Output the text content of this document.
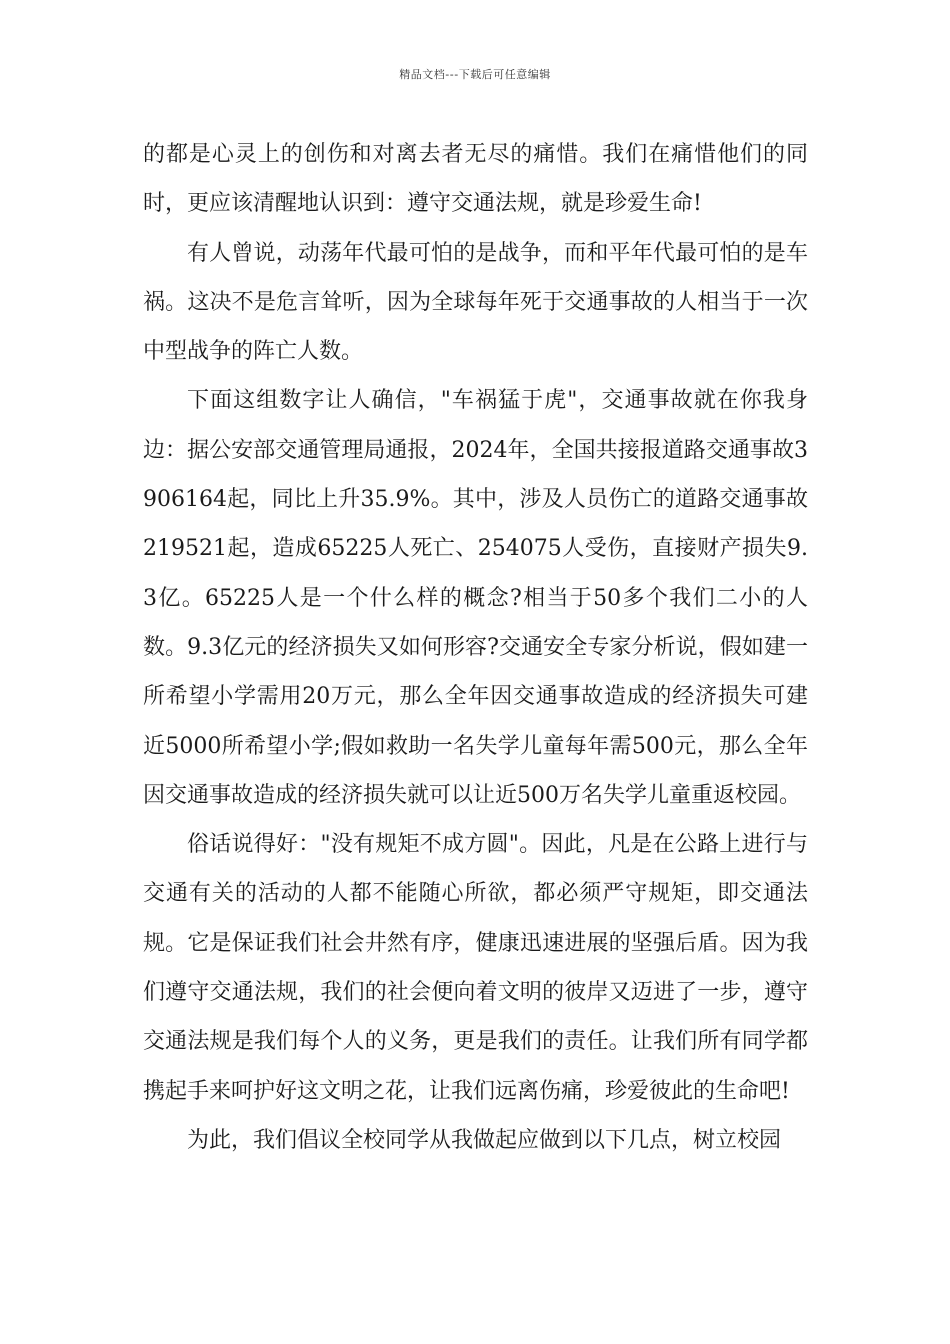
精品文档---下载后可任意编辑

的都是心灵上的创伤和对离去者无尽的痛惜。我们在痛惜他们的同时，更应该清醒地认识到：遵守交通法规，就是珍爱生命!

有人曾说，动荡年代最可怕的是战争，而和平年代最可怕的是车祸。这决不是危言耸听，因为全球每年死于交通事故的人相当于一次中型战争的阵亡人数。

下面这组数字让人确信，"车祸猛于虎"，交通事故就在你我身边：据公安部交通管理局通报，2024年，全国共接报道路交通事故3906164起，同比上升35.9%。其中，涉及人员伤亡的道路交通事故219521起，造成65225人死亡、254075人受伤，直接财产损失9.3亿。65225人是一个什么样的概念?相当于50多个我们二小的人数。9.3亿元的经济损失又如何形容?交通安全专家分析说，假如建一所希望小学需用20万元，那么全年因交通事故造成的经济损失可建近5000所希望小学;假如救助一名失学儿童每年需500元，那么全年因交通事故造成的经济损失就可以让近500万名失学儿童重返校园。

俗话说得好："没有规矩不成方圆"。因此，凡是在公路上进行与交通有关的活动的人都不能随心所欲，都必须严守规矩，即交通法规。它是保证我们社会井然有序，健康迅速进展的坚强后盾。因为我们遵守交通法规，我们的社会便向着文明的彼岸又迈进了一步，遵守交通法规是我们每个人的义务，更是我们的责任。让我们所有同学都携起手来呵护好这文明之花，让我们远离伤痛，珍爱彼此的生命吧!

为此，我们倡议全校同学从我做起应做到以下几点，树立校园
